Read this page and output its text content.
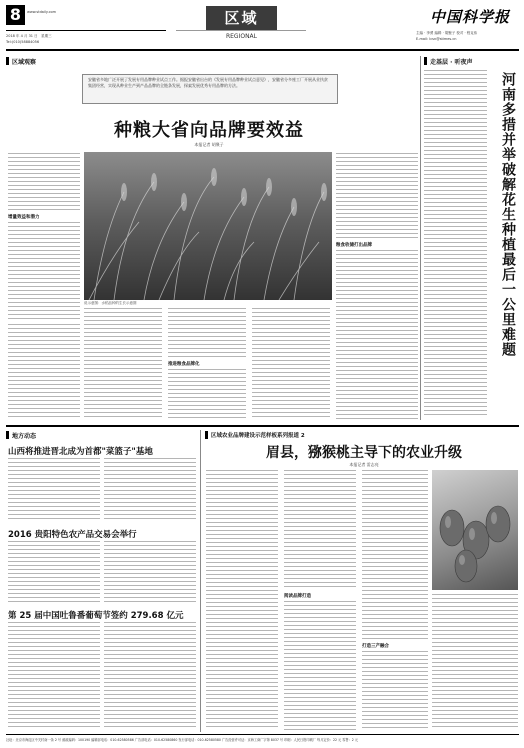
8	www.stdaily.com
2018 年 4 月 31 日　星期三
Tel:(010)58884056
区域
REGIONAL
中国科学报
主编 · 李勇 编辑 · 胡聚子 校对 · 程克伟
E-mail: lcsn@stimes.cn
区域观察
安徽省多地广泛开展了发展专用品牌种业试点工作。据报安徽省出台的《发展专用品牌种业试点意见》，安徽省分多座工厂开展从业扶贫集团经营，实现从种业生产到产品品牌的全链条发展，探索发展优秀专用品牌的方法。
种粮大省向品牌要效益
本报记者 胡聚子
增量效益和潜力
说示意图：水稻品种的生长示意图
粮食收储打出品牌
推进粮食品牌化
走基层 · 听夜声
河南多措并举破解花生种植最后一公里难题
地方动态
山西将推进晋北成为首都"菜篮子"基地
2016 贵阳特色农产品交易会举行
第 25 届中国吐鲁番葡萄节签约 279.68 亿元
区域农业品牌建设示范样板系列报道 2
眉县，猕猴桃主导下的农业升级
本报记者 雷志亮
阅读品牌打造
打造三产融合
社址：北京市海淀区中关村南一条 2 号 邮政编码：100190 编辑部电话：010-62580586 广告部电话：010-62580860 发行部电话：010-62580580 广告经营许可证：京海工商广字第 8037 号 印刷：人民日报印刷厂 每月定价：22 元 零售：2 元
